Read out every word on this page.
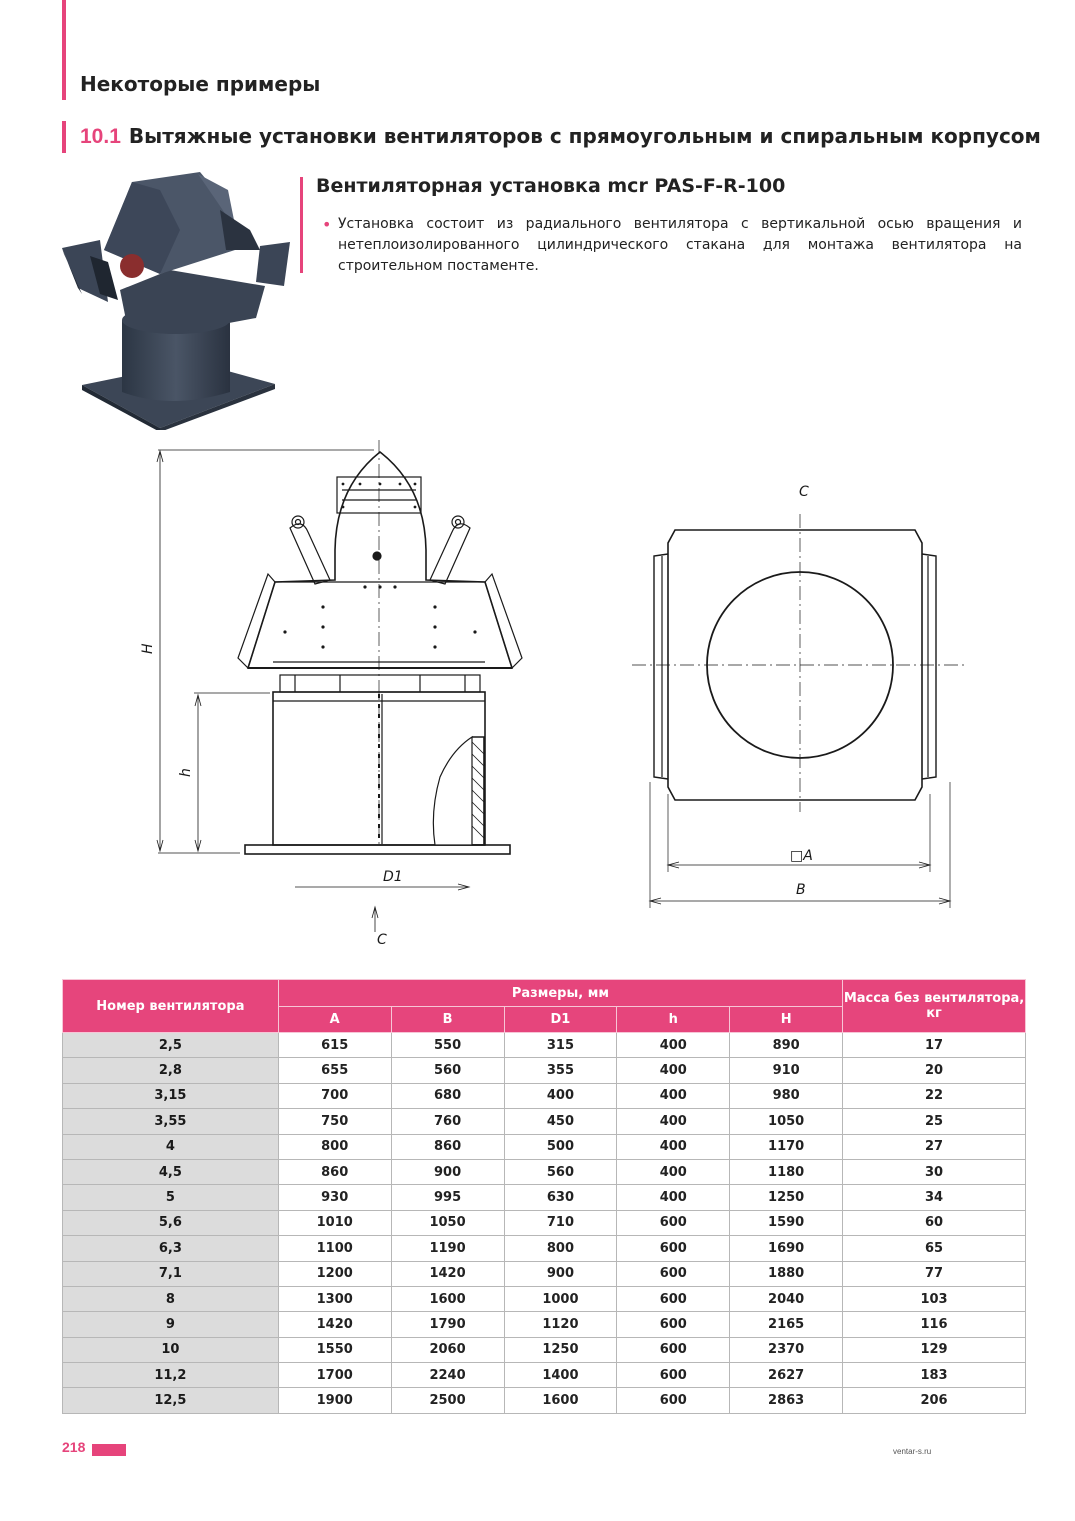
Некоторые примеры
10.1 Вытяжные установки вентиляторов с прямоугольным и спиральным корпусом
Вентиляторная установка mcr PAS-F-R-100
• Установка состоит из радиального вентилятора с вертикальной осью вращения и нетеплоизолированного цилиндрического стакана для монтажа вентилятора на строительном постаменте.
H
h
D1
C
C
□A
B
Номер вентилятора	Размеры, мм					Масса без вентилятора, кг
	A	B	D1	h	H	
2,5	615	550	315	400	890	17
2,8	655	560	355	400	910	20
3,15	700	680	400	400	980	22
3,55	750	760	450	400	1050	25
4	800	860	500	400	1170	27
4,5	860	900	560	400	1180	30
5	930	995	630	400	1250	34
5,6	1010	1050	710	600	1590	60
6,3	1100	1190	800	600	1690	65
7,1	1200	1420	900	600	1880	77
8	1300	1600	1000	600	2040	103
9	1420	1790	1120	600	2165	116
10	1550	2060	1250	600	2370	129
11,2	1700	2240	1400	600	2627	183
12,5	1900	2500	1600	600	2863	206
218	ventar-s.ru
